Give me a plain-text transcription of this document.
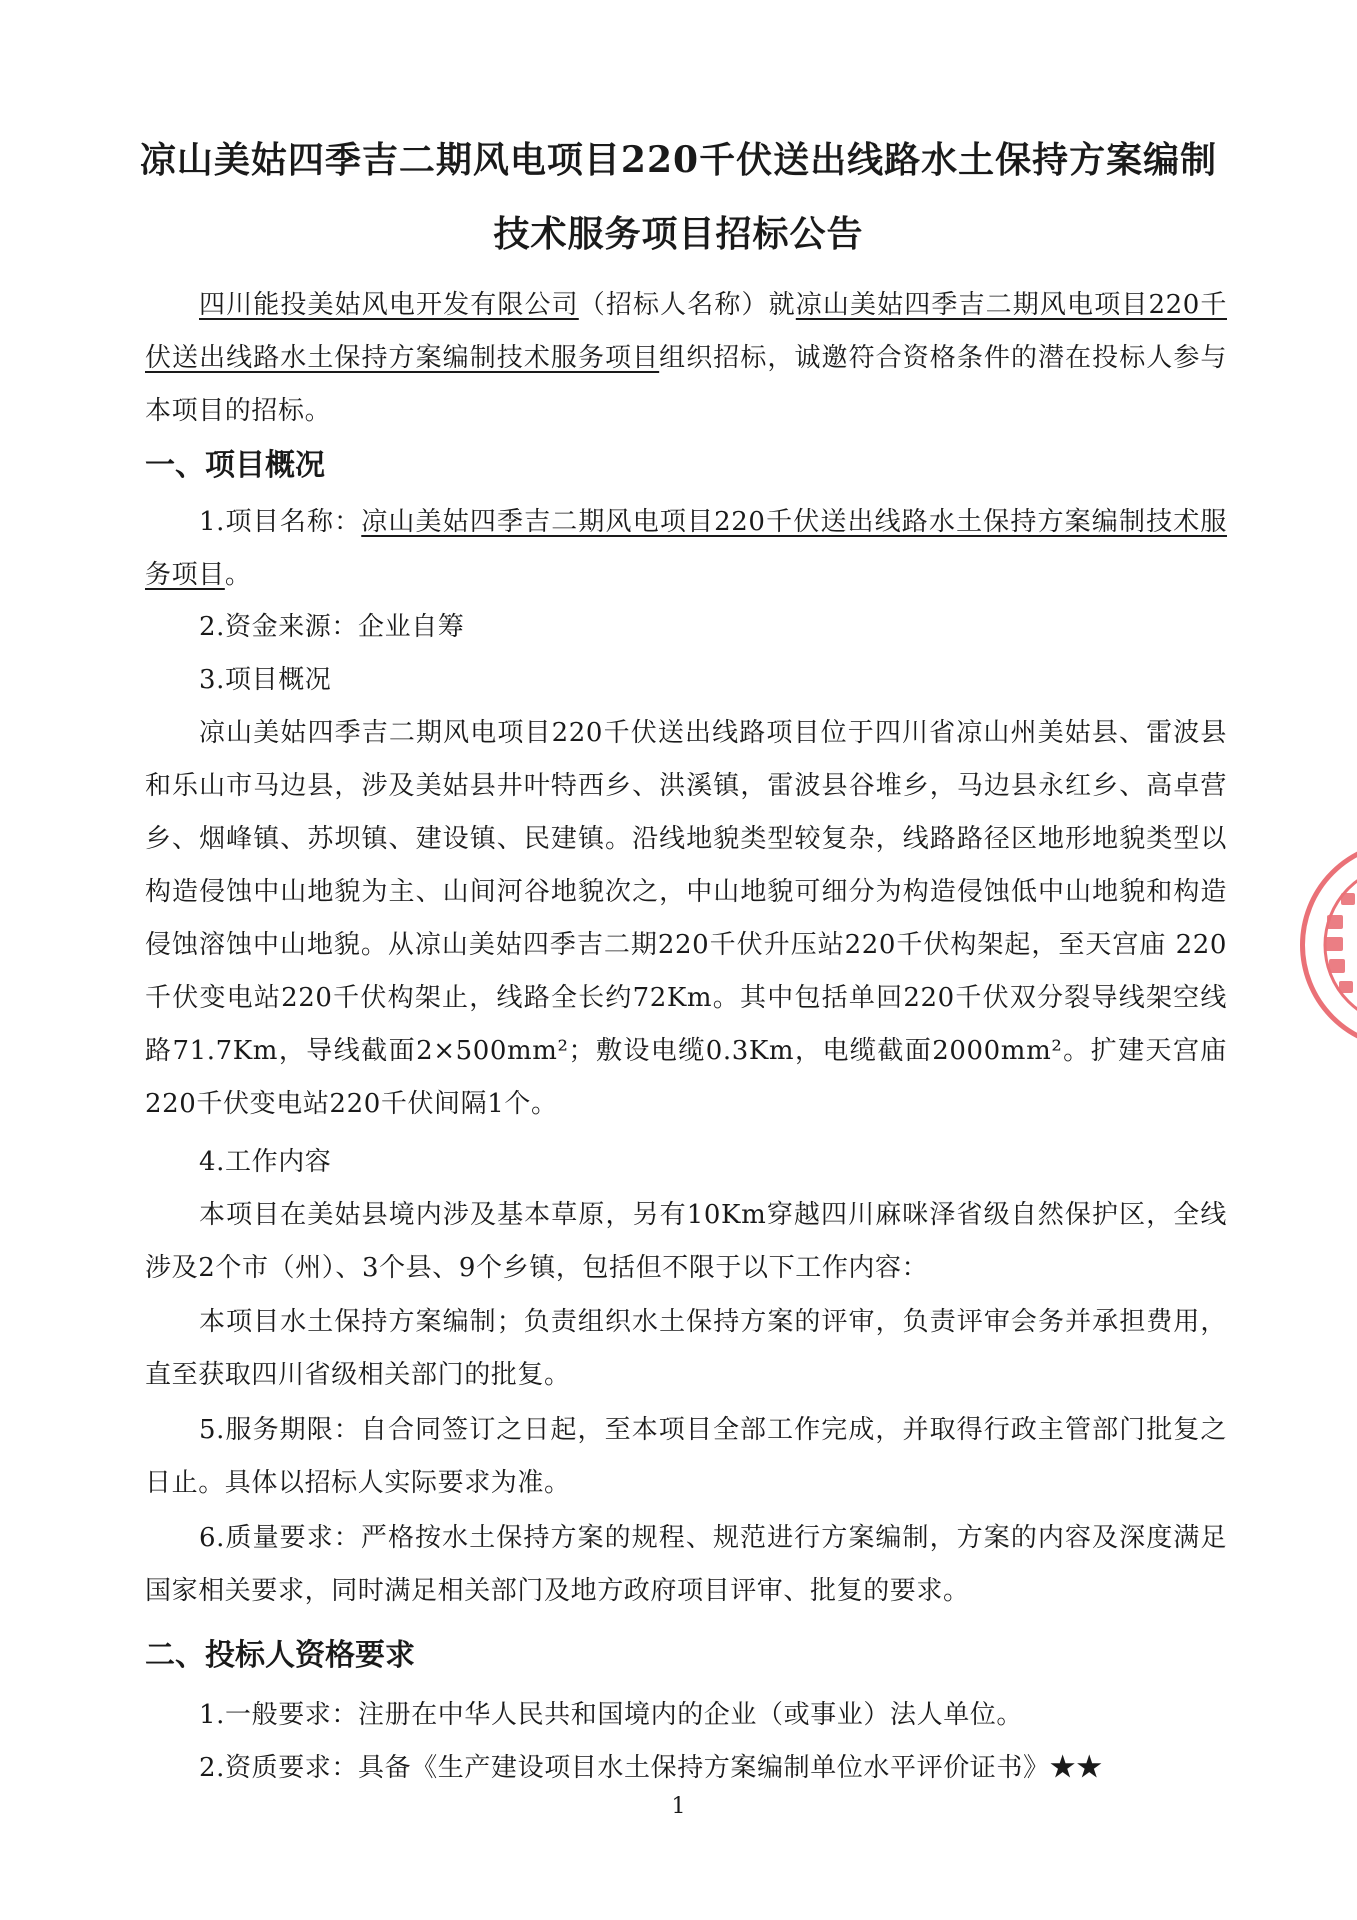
凉山美姑四季吉二期风电项目220千伏送出线路水土保持方案编制
技术服务项目招标公告

四川能投美姑风电开发有限公司（招标人名称）就凉山美姑四季吉二期风电项目220千伏送出线路水土保持方案编制技术服务项目组织招标，诚邀符合资格条件的潜在投标人参与本项目的招标。

一、项目概况

1.项目名称：凉山美姑四季吉二期风电项目220千伏送出线路水土保持方案编制技术服务项目。

2.资金来源：企业自筹

3.项目概况

凉山美姑四季吉二期风电项目220千伏送出线路项目位于四川省凉山州美姑县、雷波县和乐山市马边县，涉及美姑县井叶特西乡、洪溪镇，雷波县谷堆乡，马边县永红乡、高卓营乡、烟峰镇、苏坝镇、建设镇、民建镇。沿线地貌类型较复杂，线路路径区地形地貌类型以构造侵蚀中山地貌为主、山间河谷地貌次之，中山地貌可细分为构造侵蚀低中山地貌和构造侵蚀溶蚀中山地貌。从凉山美姑四季吉二期220千伏升压站220千伏构架起，至天宫庙 220千伏变电站220千伏构架止，线路全长约72Km。其中包括单回220千伏双分裂导线架空线路71.7Km，导线截面2×500mm²；敷设电缆0.3Km，电缆截面2000mm²。扩建天宫庙220千伏变电站220千伏间隔1个。

4.工作内容

本项目在美姑县境内涉及基本草原，另有10Km穿越四川麻咪泽省级自然保护区，全线涉及2个市（州）、3个县、9个乡镇，包括但不限于以下工作内容：

本项目水土保持方案编制；负责组织水土保持方案的评审，负责评审会务并承担费用，直至获取四川省级相关部门的批复。

5.服务期限：自合同签订之日起，至本项目全部工作完成，并取得行政主管部门批复之日止。具体以招标人实际要求为准。

6.质量要求：严格按水土保持方案的规程、规范进行方案编制，方案的内容及深度满足国家相关要求，同时满足相关部门及地方政府项目评审、批复的要求。

二、投标人资格要求

1.一般要求：注册在中华人民共和国境内的企业（或事业）法人单位。

2.资质要求：具备《生产建设项目水土保持方案编制单位水平评价证书》★★

1
